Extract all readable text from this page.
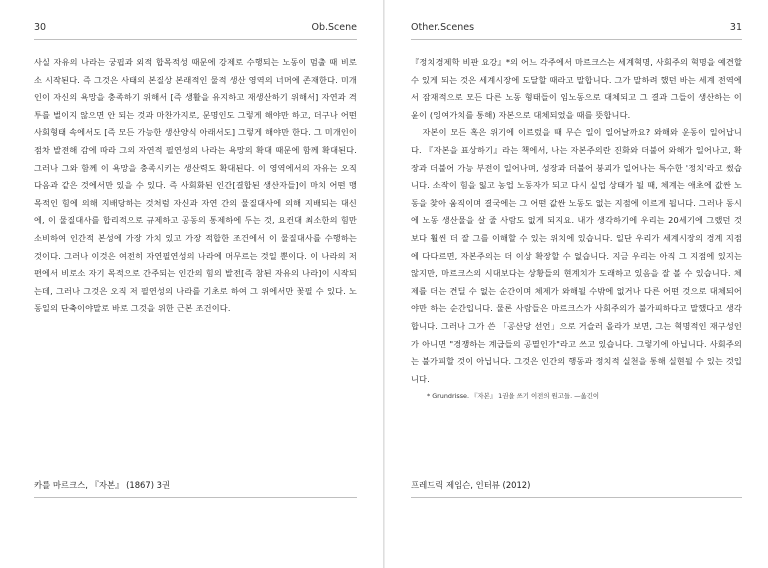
30	Ob.Scene

사실 자유의 나라는 궁핍과 외적 합목적성 때문에 강제로 수행되는 노동이 멈출 때 비로소 시작된다. 즉 그것은 사태의 본질상 본래적인 물적 생산 영역의 너머에 존재한다. 미개인이 자신의 욕망을 충족하기 위해서 [즉 생활을 유지하고 재생산하기 위해서] 자연과 격투를 벌이지 않으면 안 되는 것과 마찬가지로, 문명인도 그렇게 해야만 하고, 더구나 어떤 사회형태 속에서도 [즉 모든 가능한 생산양식 아래서도] 그렇게 해야만 한다. 그 미개인이 점차 발전해 감에 따라 그의 자연적 필연성의 나라는 욕망의 확대 때문에 함께 확대된다. 그러나 그와 함께 이 욕망을 충족시키는 생산력도 확대된다. 이 영역에서의 자유는 오직 다음과 같은 것에서만 있을 수 있다. 즉 사회화된 인간[결합된 생산자들]이 마치 어떤 맹목적인 힘에 의해 지배당하는 것처럼 자신과 자연 간의 물질대사에 의해 지배되는 대신에, 이 물질대사를 합리적으로 규제하고 공동의 통제하에 두는 것, 요컨대 최소한의 힘만 소비하여 인간적 본성에 가장 가치 있고 가장 적합한 조건에서 이 물질대사를 수행하는 것이다. 그러나 이것은 여전히 자연필연성의 나라에 머무르는 것일 뿐이다. 이 나라의 저편에서 비로소 자기 목적으로 간주되는 인간의 힘의 발전[즉 참된 자유의 나라]이 시작되는데, 그러나 그것은 오직 저 필연성의 나라를 기초로 하여 그 위에서만 꽃필 수 있다. 노동일의 단축이야말로 바로 그것을 위한 근본 조건이다.

카를 마르크스, 『자본』 (1867) 3권
Other.Scenes	31

『정치경제학 비판 요강』*의 어느 각주에서 마르크스는 세계혁명, 사회주의 혁명을 예견할 수 있게 되는 것은 세계시장에 도달할 때라고 말합니다. 그가 말하려 했던 바는 세계 전역에서 잠재적으로 모든 다른 노동 형태들이 임노동으로 대체되고 그 결과 그들이 생산하는 이윤이 (잉여가치를 통해) 자본으로 대체되었을 때를 뜻합니다.

자본이 모든 혹은 위기에 이르렀을 때 무슨 일이 일어날까요? 와해와 운동이 일어납니다. 『자본을 표상하기』라는 책에서, 나는 자본주의란 진화와 더불어 와해가 일어나고, 확장과 더불어 가능 부전이 일어나며, 성장과 더불어 붕괴가 일어나는 특수한 '정치'라고 썼습니다. 소작이 힘을 잃고 농업 노동자가 되고 다시 실업 상태가 될 때, 체계는 애초에 값싼 노동을 찾아 움직이며 결국에는 그 어떤 값싼 노동도 없는 지점에 이르게 됩니다. 그러나 동시에 노동 생산물을 살 줄 사람도 없게 되지요. 내가 생각하기에 우리는 20세기에 그랬던 것보다 훨씬 더 잘 그를 이해할 수 있는 위치에 있습니다. 일단 우리가 세계시장의 경계 지점에 다다르면, 자본주의는 더 이상 확장할 수 없습니다. 지금 우리는 아직 그 지점에 있지는 않지만, 마르크스의 시대보다는 상황들의 현계치가 도래하고 있음을 잘 볼 수 있습니다. 체제를 더는 견딜 수 없는 순간이며 체제가 와해될 수밖에 없거나 다른 어떤 것으로 대체되어야만 하는 순간입니다. 물론 사람들은 마르크스가 사회주의가 불가피하다고 말했다고 생각합니다. 그러나 그가 쓴 「공산당 선언」으로 거슬러 올라가 보면, 그는 혁명적인 재구성인가 아니면 "경쟁하는 계급들의 공멸인가"라고 쓰고 있습니다. 그렇기에 아닙니다. 사회주의는 불가피할 것이 아닙니다. 그것은 인간의 행동과 정치적 실천을 통해 실현될 수 있는 것입니다.

* Grundrisse. 『자본』 1권을 쓰기 이전의 원고들. —옮긴이
프레드릭 제임슨, 인터뷰 (2012)
